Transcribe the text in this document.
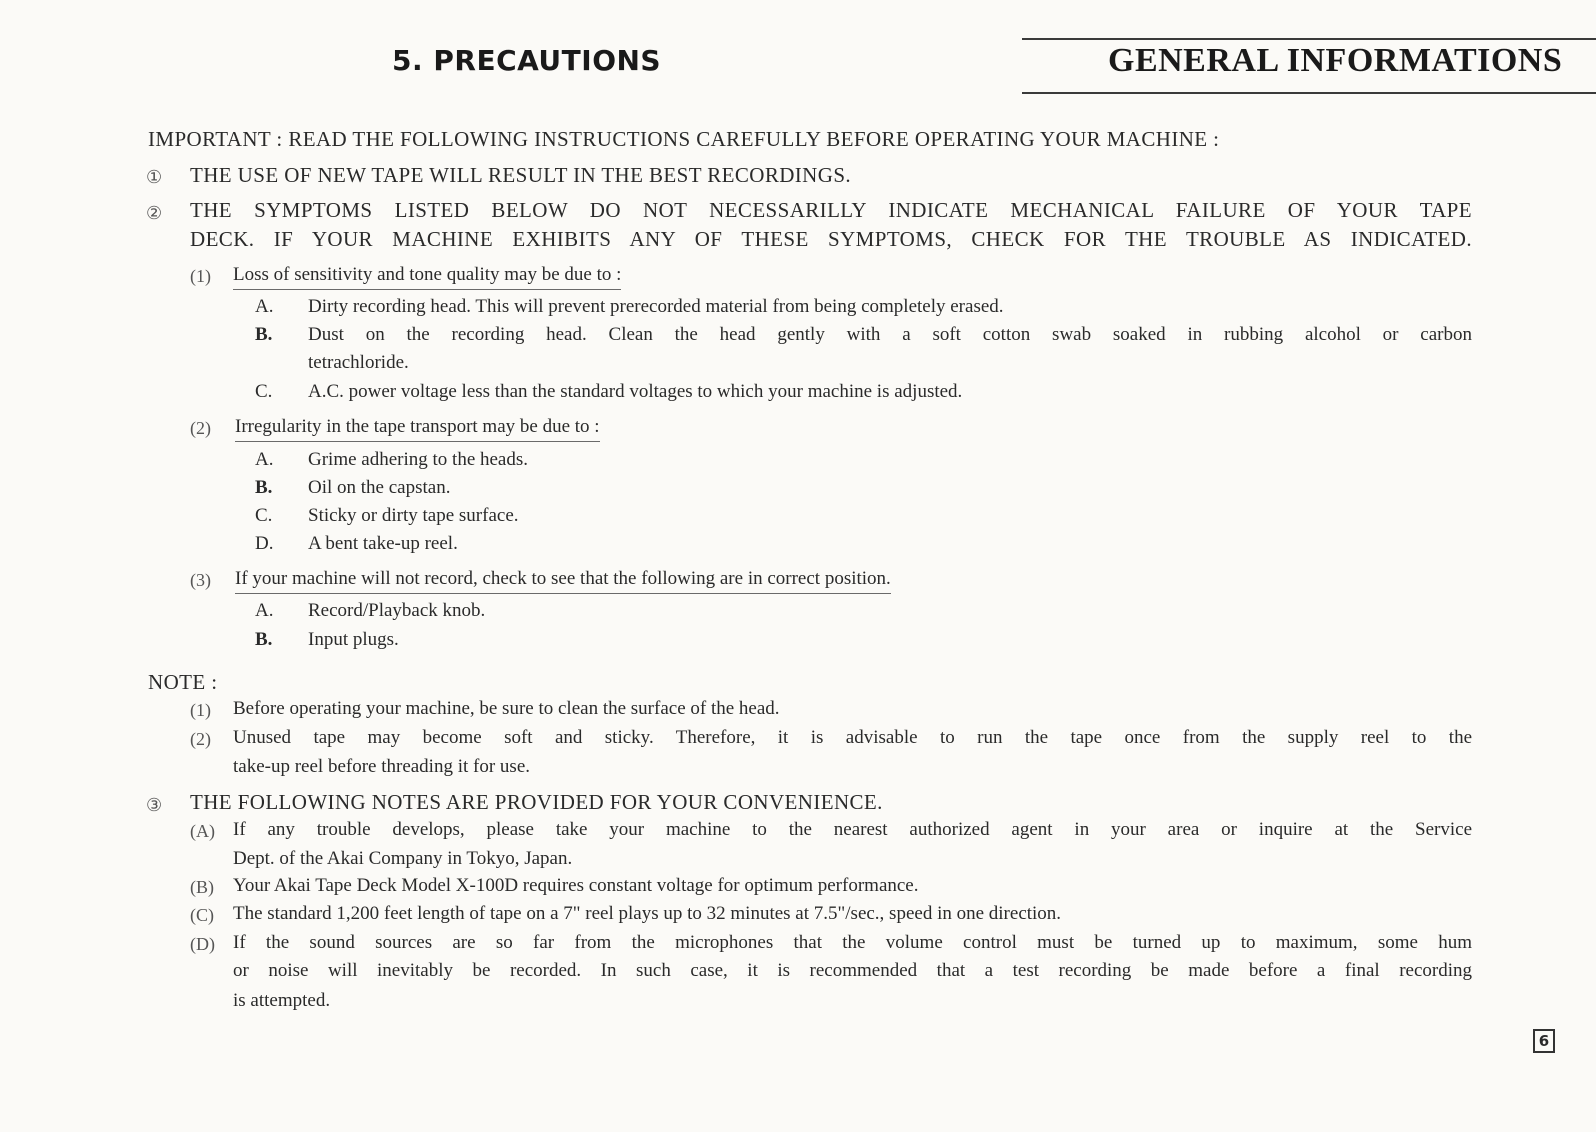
5. PRECAUTIONS	GENERAL INFORMATIONS
IMPORTANT : READ THE FOLLOWING INSTRUCTIONS CAREFULLY BEFORE OPERATING YOUR MACHINE :
① THE USE OF NEW TAPE WILL RESULT IN THE BEST RECORDINGS.
② THE SYMPTOMS LISTED BELOW DO NOT NECESSARILLY INDICATE MECHANICAL FAILURE OF YOUR TAPE
DECK. IF YOUR MACHINE EXHIBITS ANY OF THESE SYMPTOMS, CHECK FOR THE TROUBLE AS INDICATED.
(1) Loss of sensitivity and tone quality may be due to :
A. Dirty recording head. This will prevent prerecorded material from being completely erased.
B. Dust on the recording head. Clean the head gently with a soft cotton swab soaked in rubbing alcohol or carbon
tetrachloride.
C. A.C. power voltage less than the standard voltages to which your machine is adjusted.
(2) Irregularity in the tape transport may be due to :
A. Grime adhering to the heads.
B. Oil on the capstan.
C. Sticky or dirty tape surface.
D. A bent take-up reel.
(3) If your machine will not record, check to see that the following are in correct position.
A. Record/Playback knob.
B. Input plugs.
NOTE :
(1) Before operating your machine, be sure to clean the surface of the head.
(2) Unused tape may become soft and sticky. Therefore, it is advisable to run the tape once from the supply reel to the
take-up reel before threading it for use.
③ THE FOLLOWING NOTES ARE PROVIDED FOR YOUR CONVENIENCE.
(A) If any trouble develops, please take your machine to the nearest authorized agent in your area or inquire at the Service
Dept. of the Akai Company in Tokyo, Japan.
(B) Your Akai Tape Deck Model X-100D requires constant voltage for optimum performance.
(C) The standard 1,200 feet length of tape on a 7" reel plays up to 32 minutes at 7.5"/sec., speed in one direction.
(D) If the sound sources are so far from the microphones that the volume control must be turned up to maximum, some hum
or noise will inevitably be recorded. In such case, it is recommended that a test recording be made before a final recording
is attempted.
6
